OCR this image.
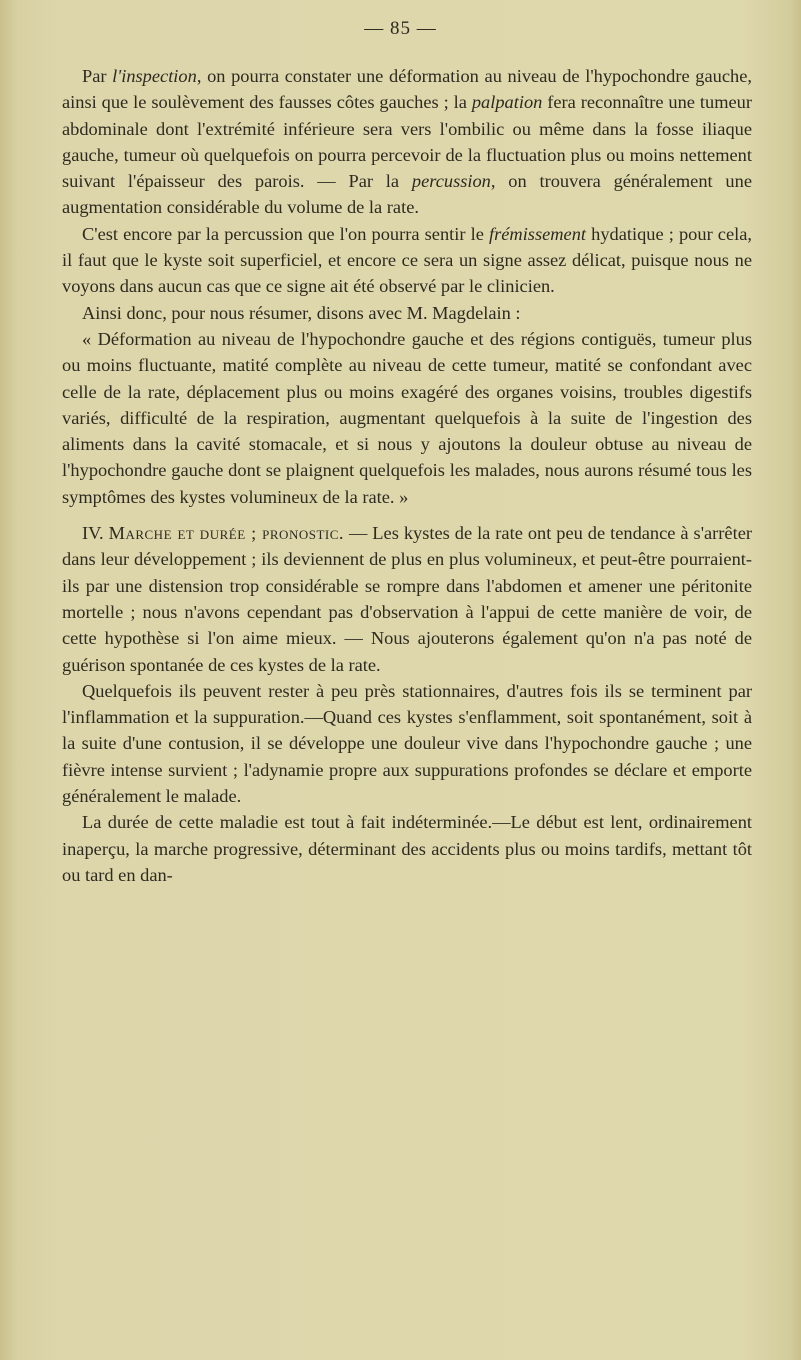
— 85 —

Par l'inspection, on pourra constater une déformation au niveau de l'hypochondre gauche, ainsi que le soulèvement des fausses côtes gauches ; la palpation fera reconnaître une tumeur abdominale dont l'extrémité inférieure sera vers l'ombilic ou même dans la fosse iliaque gauche, tumeur où quelquefois on pourra percevoir de la fluctuation plus ou moins nettement suivant l'épaisseur des parois. — Par la percussion, on trouvera généralement une augmentation considérable du volume de la rate.

C'est encore par la percussion que l'on pourra sentir le frémissement hydatique ; pour cela, il faut que le kyste soit superficiel, et encore ce sera un signe assez délicat, puisque nous ne voyons dans aucun cas que ce signe ait été observé par le clinicien.

Ainsi donc, pour nous résumer, disons avec M. Magdelain :

« Déformation au niveau de l'hypochondre gauche et des régions contiguës, tumeur plus ou moins fluctuante, matité complète au niveau de cette tumeur, matité se confondant avec celle de la rate, déplacement plus ou moins exagéré des organes voisins, troubles digestifs variés, difficulté de la respiration, augmentant quelquefois à la suite de l'ingestion des aliments dans la cavité stomacale, et si nous y ajoutons la douleur obtuse au niveau de l'hypochondre gauche dont se plaignent quelquefois les malades, nous aurons résumé tous les symptômes des kystes volumineux de la rate. »

IV. Marche et durée ; pronostic. — Les kystes de la rate ont peu de tendance à s'arrêter dans leur développement ; ils deviennent de plus en plus volumineux, et peut-être pourraient-ils par une distension trop considérable se rompre dans l'abdomen et amener une péritonite mortelle ; nous n'avons cependant pas d'observation à l'appui de cette manière de voir, de cette hypothèse si l'on aime mieux. — Nous ajouterons également qu'on n'a pas noté de guérison spontanée de ces kystes de la rate.

Quelquefois ils peuvent rester à peu près stationnaires, d'autres fois ils se terminent par l'inflammation et la suppuration.—Quand ces kystes s'enflamment, soit spontanément, soit à la suite d'une contusion, il se développe une douleur vive dans l'hypochondre gauche ; une fièvre intense survient ; l'adynamie propre aux suppurations profondes se déclare et emporte généralement le malade.

La durée de cette maladie est tout à fait indéterminée.—Le début est lent, ordinairement inaperçu, la marche progressive, déterminant des accidents plus ou moins tardifs, mettant tôt ou tard en dan-
